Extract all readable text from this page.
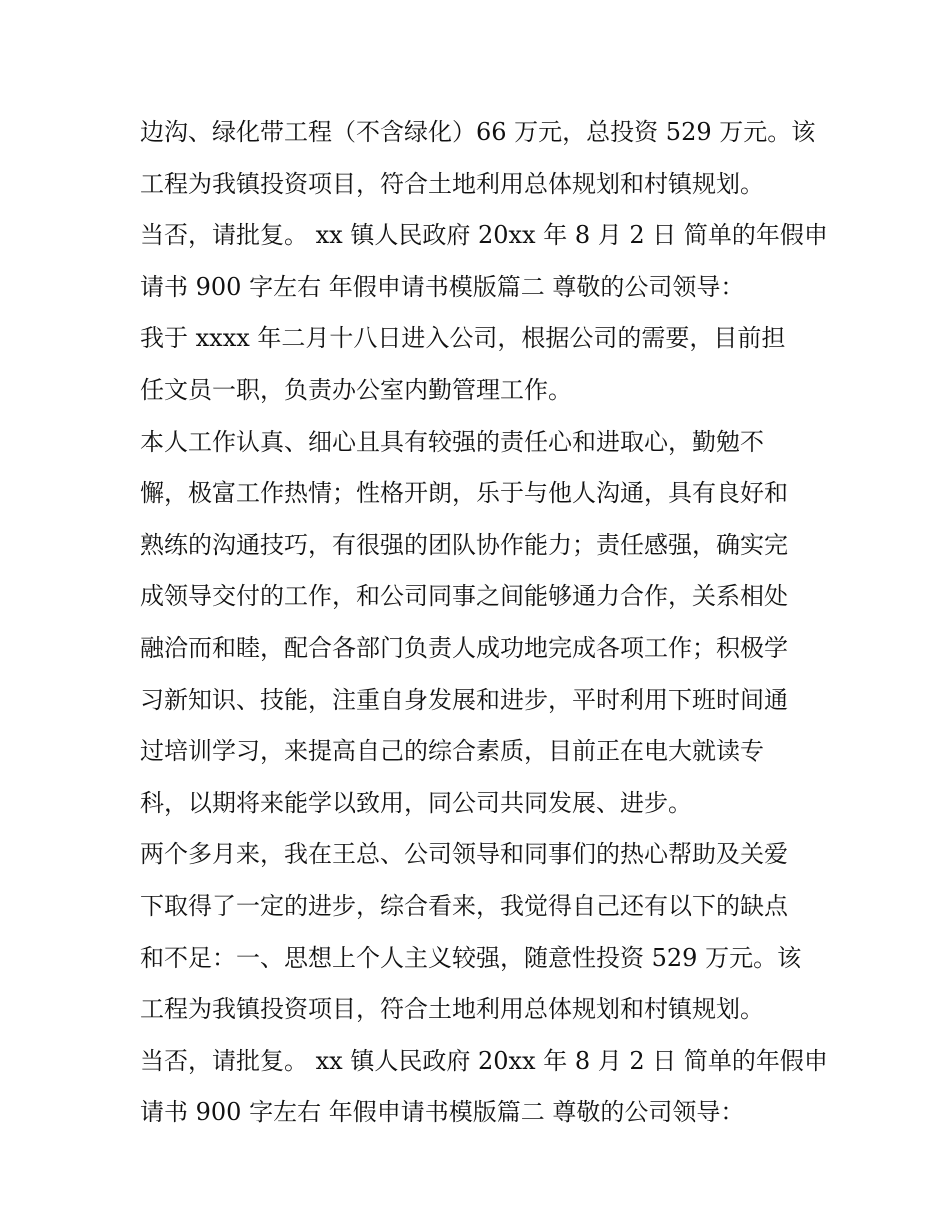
边沟、绿化带工程（不含绿化）66 万元，总投资 529 万元。该
工程为我镇投资项目，符合土地利用总体规划和村镇规划。
当否，请批复。 xx 镇人民政府 20xx 年 8 月 2 日 简单的年假申
请书 900 字左右 年假申请书模版篇二 尊敬的公司领导：
我于 xxxx 年二月十八日进入公司，根据公司的需要，目前担
任文员一职，负责办公室内勤管理工作。
本人工作认真、细心且具有较强的责任心和进取心，勤勉不
懈，极富工作热情；性格开朗，乐于与他人沟通，具有良好和
熟练的沟通技巧，有很强的团队协作能力；责任感强，确实完
成领导交付的工作，和公司同事之间能够通力合作，关系相处
融洽而和睦，配合各部门负责人成功地完成各项工作；积极学
习新知识、技能，注重自身发展和进步，平时利用下班时间通
过培训学习，来提高自己的综合素质，目前正在电大就读专
科，以期将来能学以致用，同公司共同发展、进步。
两个多月来，我在王总、公司领导和同事们的热心帮助及关爱
下取得了一定的进步，综合看来，我觉得自己还有以下的缺点
和不足：一、思想上个人主义较强，随意性投资 529 万元。该
工程为我镇投资项目，符合土地利用总体规划和村镇规划。
当否，请批复。 xx 镇人民政府 20xx 年 8 月 2 日 简单的年假申
请书 900 字左右 年假申请书模版篇二 尊敬的公司领导：
